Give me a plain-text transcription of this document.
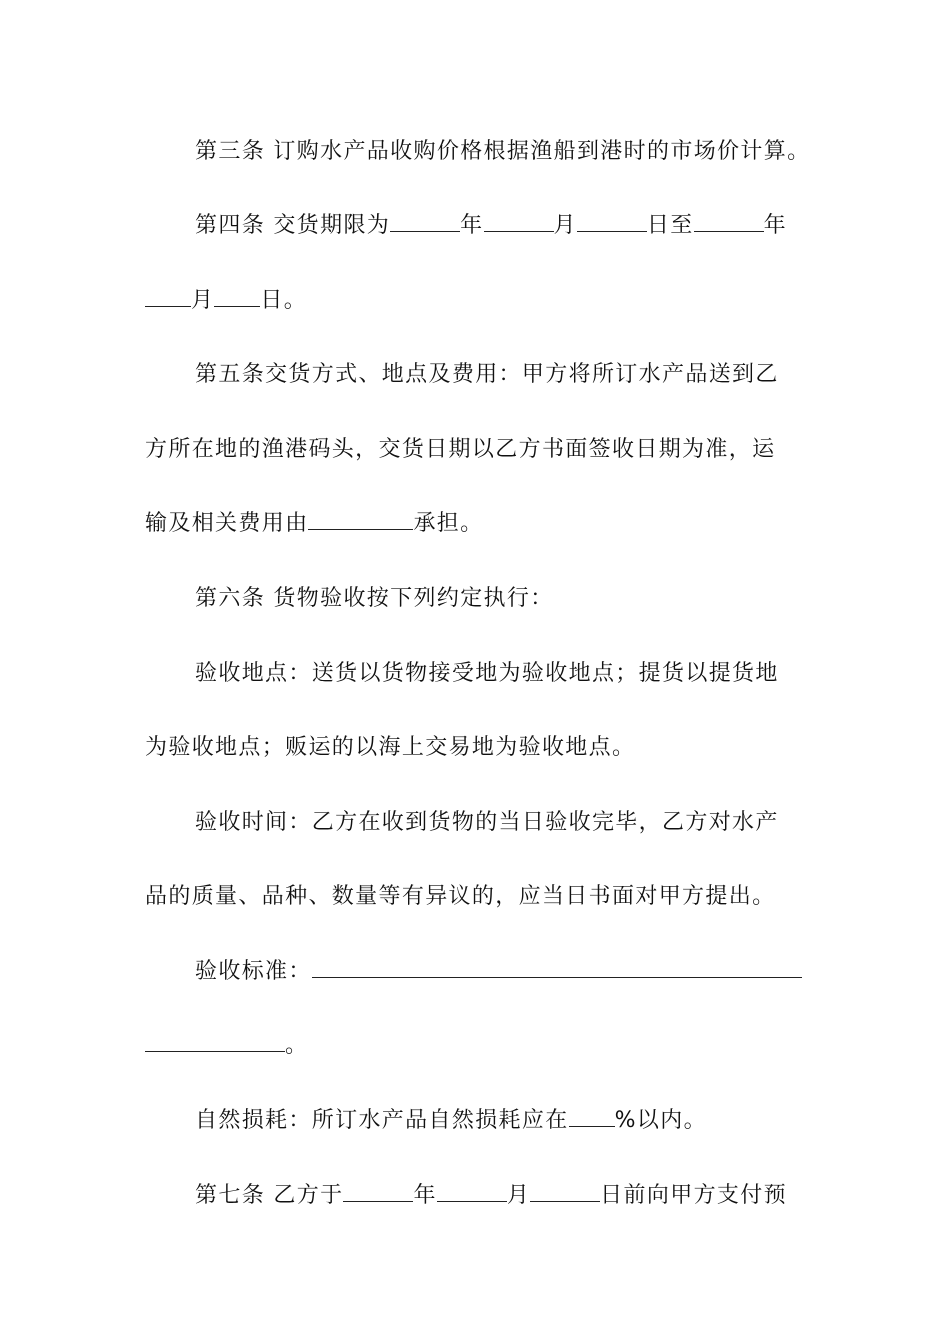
第三条 订购水产品收购价格根据渔船到港时的市场价计算。
第四条 交货期限为	年	月	日至	年
月 日。
第五条交货方式、地点及费用：甲方将所订水产品送到乙
方所在地的渔港码头，交货日期以乙方书面签收日期为准，运
输及相关费用由	承担。
第六条 货物验收按下列约定执行：
验收地点：送货以货物接受地为验收地点；提货以提货地
为验收地点；贩运的以海上交易地为验收地点。
验收时间：乙方在收到货物的当日验收完毕，乙方对水产
品的质量、品种、数量等有异议的，应当日书面对甲方提出。
验收标准：
。
自然损耗：所订水产品自然损耗应在 %以内。
第七条 乙方于	年	月	日前向甲方支付预
